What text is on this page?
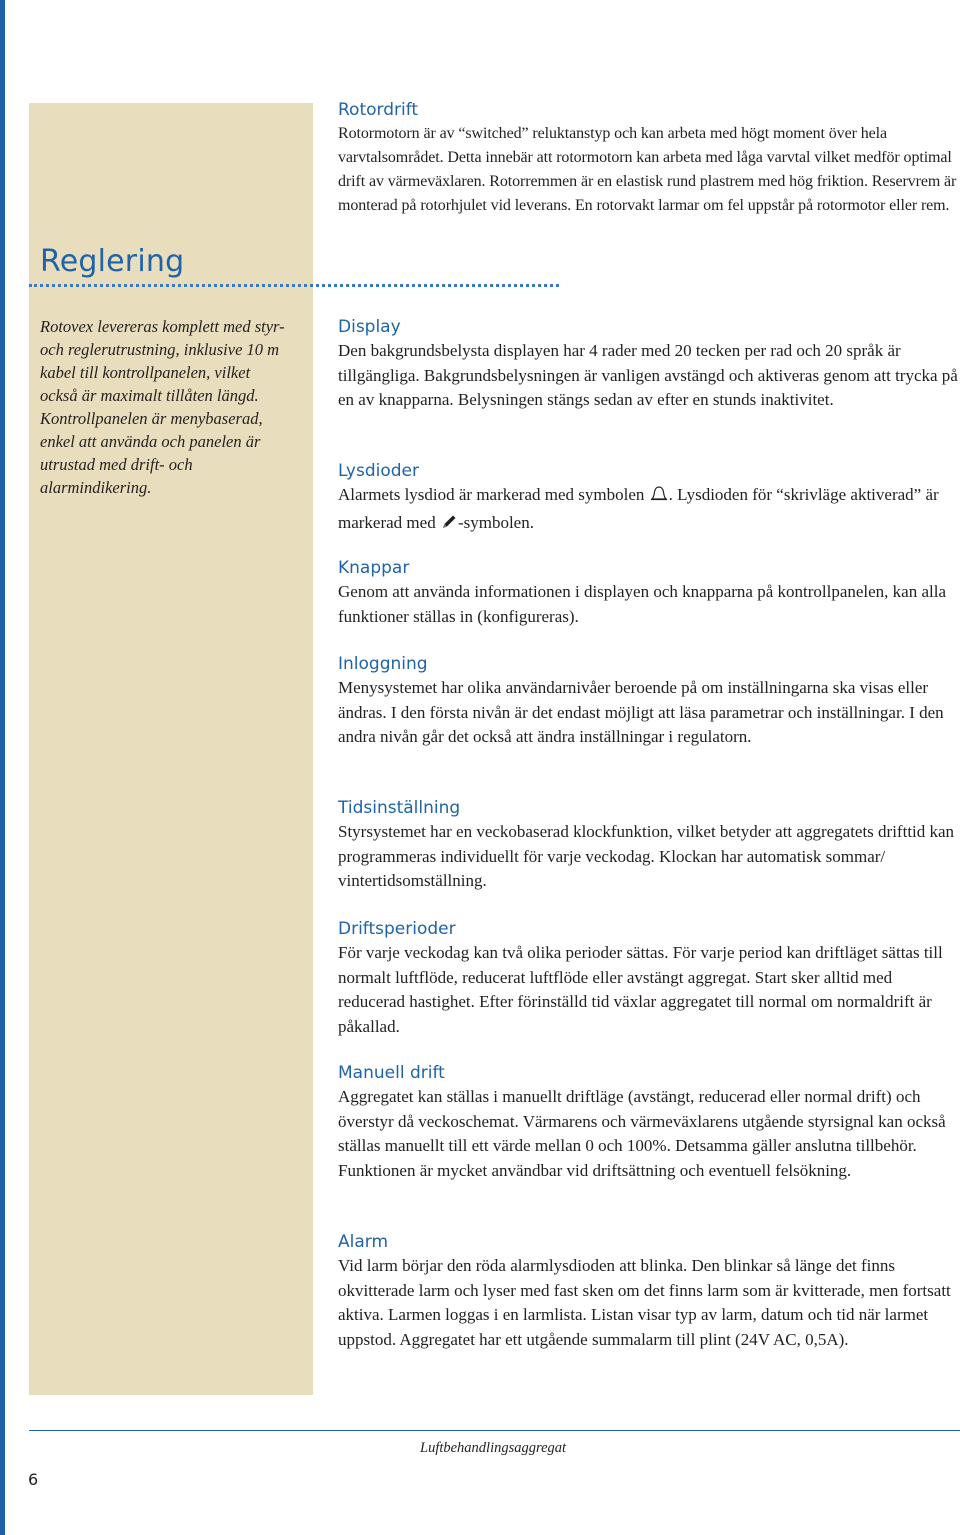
Reglering

Rotovex levereras komplett med styr- och reglerutrustning, inklusive 10 m kabel till kontrollpanelen, vilket också är maximalt tillåten längd. Kontrollpanelen är menybaserad, enkel att använda och panelen är utrustad med drift- och alarmindikering.

Rotordrift

Rotormotorn är av “switched” reluktanstyp och kan arbeta med högt moment över hela varvtalsområdet. Detta innebär att rotormotorn kan arbeta med låga varvtal vilket medför optimal drift av värmeväxlaren. Rotorremmen är en elastisk rund plastrem med hög friktion. Reservrem är monterad på rotorhjulet vid leverans. En rotorvakt larmar om fel uppstår på rotormotor eller rem.

Display

Den bakgrundsbelysta displayen har 4 rader med 20 tecken per rad och 20 språk är tillgängliga. Bakgrundsbelysningen är vanligen avstängd och aktiveras genom att trycka på en av knapparna. Belysningen stängs sedan av efter en stunds inaktivitet.

Lysdioder

Alarmets lysdiod är markerad med symbolen . Lysdioden för “skrivläge aktiverad” är markerad med -symbolen.

Knappar

Genom att använda informationen i displayen och knapparna på kontrollpanelen, kan alla funktioner ställas in (konfigureras).

Inloggning

Menysystemet har olika användarnivåer beroende på om inställningarna ska visas eller ändras. I den första nivån är det endast möjligt att läsa parametrar och inställningar. I den andra nivån går det också att ändra inställningar i regulatorn.

Tidsinställning

Styrsystemet har en veckobaserad klockfunktion, vilket betyder att aggregatets drifttid kan programmeras individuellt för varje veckodag. Klockan har automatisk sommar/ vintertidsomställning.

Driftsperioder

För varje veckodag kan två olika perioder sättas. För varje period kan driftläget sättas till normalt luftflöde, reducerat luftflöde eller avstängt aggregat. Start sker alltid med reducerad hastighet. Efter förinställd tid växlar aggregatet till normal om normaldrift är påkallad.

Manuell drift

Aggregatet kan ställas i manuellt driftläge (avstängt, reducerad eller normal drift) och överstyr då veckoschemat. Värmarens och värmeväxlarens utgående styrsignal kan också ställas manuellt till ett värde mellan 0 och 100%. Detsamma gäller anslutna tillbehör. Funktionen är mycket användbar vid driftsättning och eventuell felsökning.

Alarm

Vid larm börjar den röda alarmlysdioden att blinka. Den blinkar så länge det finns okvitterade larm och lyser med fast sken om det finns larm som är kvitterade, men fortsatt aktiva. Larmen loggas i en larmlista. Listan visar typ av larm, datum och tid när larmet uppstod. Aggregatet har ett utgående summalarm till plint (24V AC, 0,5A).

Luftbehandlingsaggregat
6
